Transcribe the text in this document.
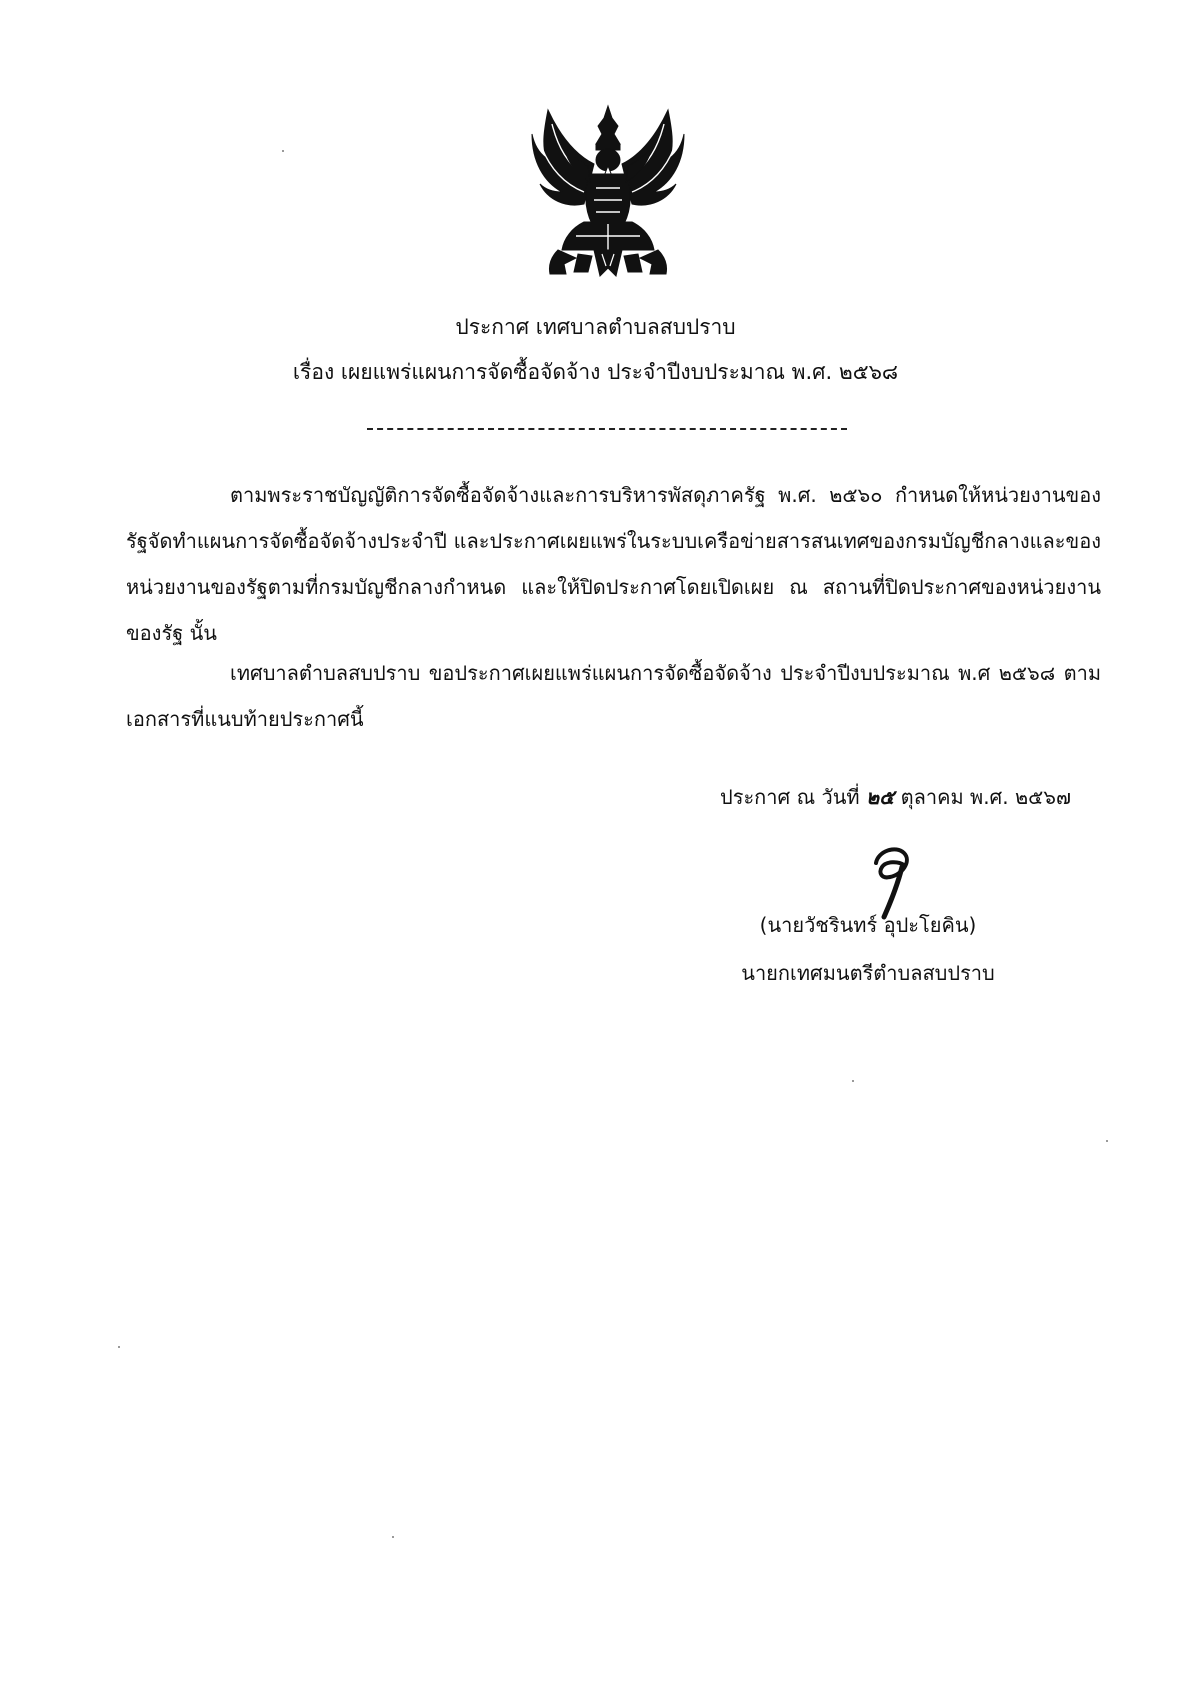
ประกาศ เทศบาลตำบลสบปราบ
เรื่อง เผยแพร่แผนการจัดซื้อจัดจ้าง ประจำปีงบประมาณ พ.ศ. ๒๕๖๘

ตามพระราชบัญญัติการจัดซื้อจัดจ้างและการบริหารพัสดุภาครัฐ พ.ศ. ๒๕๖๐ กำหนดให้หน่วยงานของรัฐจัดทำแผนการจัดซื้อจัดจ้างประจำปี และประกาศเผยแพร่ในระบบเครือข่ายสารสนเทศของกรมบัญชีกลางและของหน่วยงานของรัฐตามที่กรมบัญชีกลางกำหนด และให้ปิดประกาศโดยเปิดเผย ณ สถานที่ปิดประกาศของหน่วยงานของรัฐ นั้น

เทศบาลตำบลสบปราบ ขอประกาศเผยแพร่แผนการจัดซื้อจัดจ้าง ประจำปีงบประมาณ พ.ศ ๒๕๖๘ ตามเอกสารที่แนบท้ายประกาศนี้

ประกาศ ณ วันที่ ๒๕ ตุลาคม พ.ศ. ๒๕๖๗
(นายวัชรินทร์ อุปะโยคิน)
นายกเทศมนตรีตำบลสบปราบ
